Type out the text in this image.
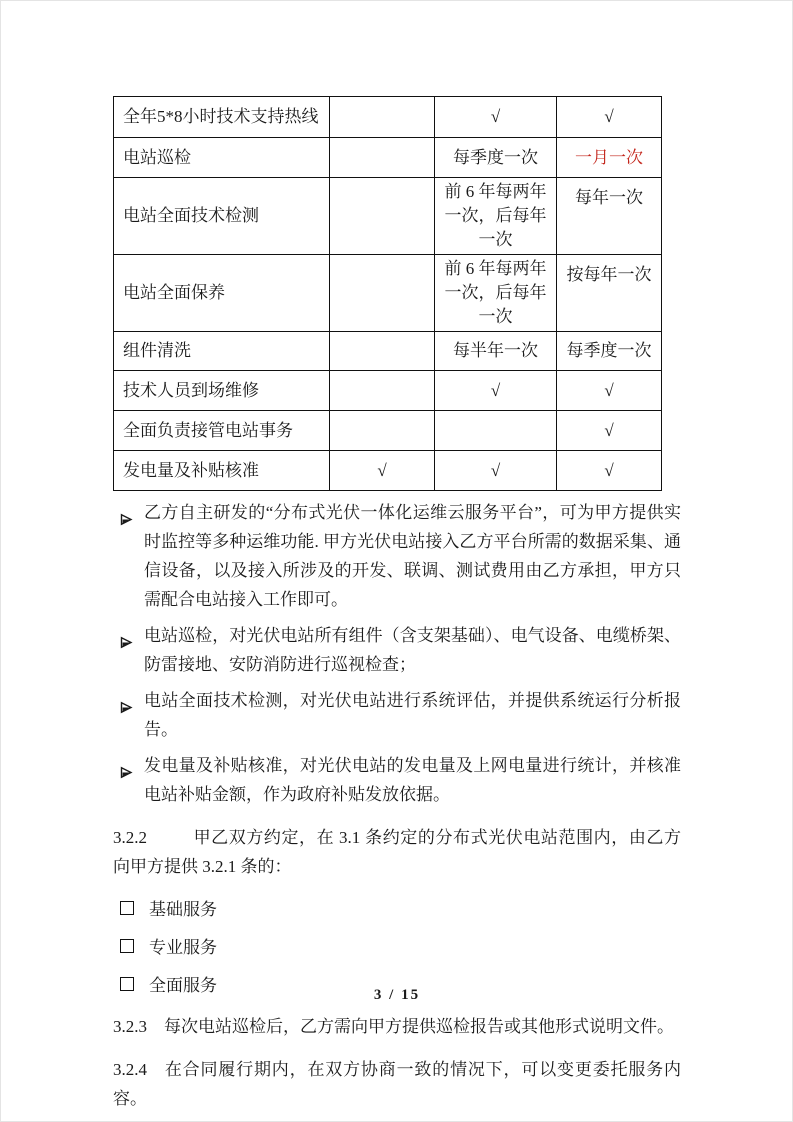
全年5*8小时技术支持热线		√	√
电站巡检		每季度一次	一月一次
电站全面技术检测		前 6 年每两年一次，后每年一次	每年一次
电站全面保养		前 6 年每两年一次，后每年一次	按每年一次
组件清洗		每半年一次	每季度一次
技术人员到场维修		√	√
全面负责接管电站事务			√
发电量及补贴核准	√	√	√
乙方自主研发的“分布式光伏一体化运维云服务平台”，可为甲方提供实时监控等多种运维功能. 甲方光伏电站接入乙方平台所需的数据采集、通信设备，以及接入所涉及的开发、联调、测试费用由乙方承担，甲方只需配合电站接入工作即可。
电站巡检，对光伏电站所有组件（含支架基础）、电气设备、电缆桥架、防雷接地、安防消防进行巡视检查；
电站全面技术检测，对光伏电站进行系统评估，并提供系统运行分析报告。
发电量及补贴核准，对光伏电站的发电量及上网电量进行统计，并核准电站补贴金额，作为政府补贴发放依据。

3.2.2	甲乙双方约定，在 3.1 条约定的分布式光伏电站范围内，由乙方向甲方提供 3.2.1 条的：

基础服务
专业服务
全面服务

3.2.3 每次电站巡检后，乙方需向甲方提供巡检报告或其他形式说明文件。

3.2.4 在合同履行期内，在双方协商一致的情况下，可以变更委托服务内容。

3 / 15
